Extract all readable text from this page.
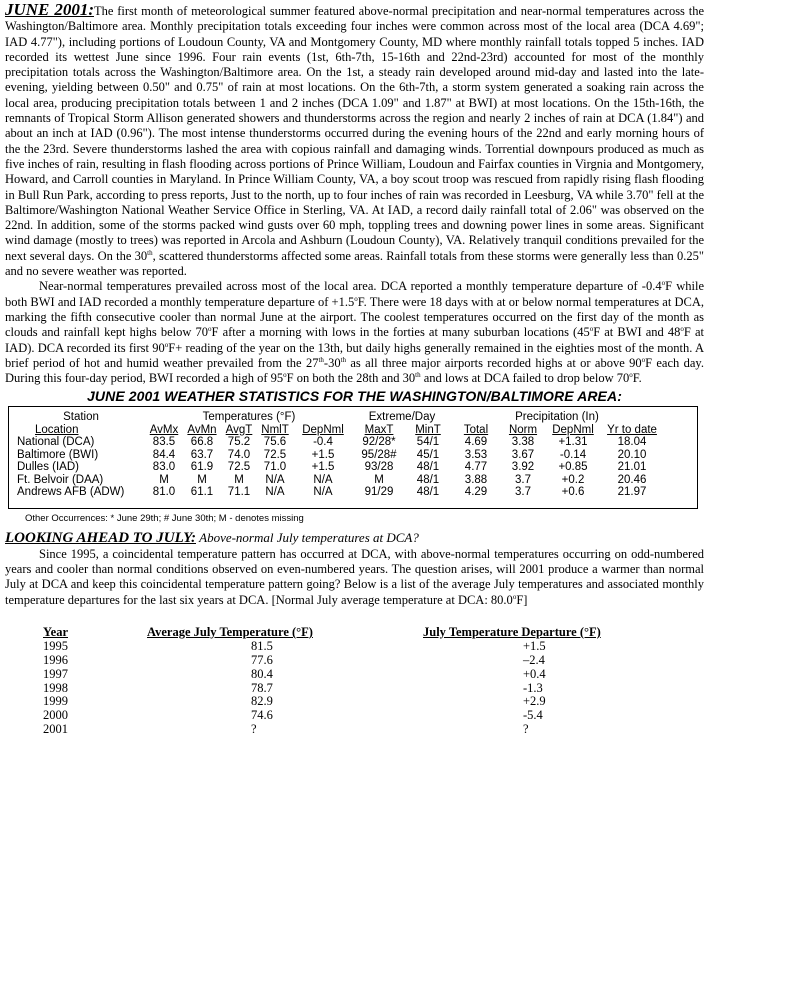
JUNE 2001:The first month of meteorological summer featured above-normal precipitation and near-normal temperatures across the Washington/Baltimore area. Monthly precipitation totals exceeding four inches were common across most of the local area (DCA 4.69"; IAD 4.77"), including portions of Loudoun County, VA and Montgomery County, MD where monthly rainfall totals topped 5 inches. IAD recorded its wettest June since 1996. Four rain events (1st, 6th-7th, 15-16th and 22nd-23rd) accounted for most of the monthly precipitation totals across the Washington/Baltimore area. On the 1st, a steady rain developed around mid-day and lasted into the late-evening, yielding between 0.50" and 0.75" of rain at most locations. On the 6th-7th, a storm system generated a soaking rain across the local area, producing precipitation totals between 1 and 2 inches (DCA 1.09" and 1.87" at BWI) at most locations. On the 15th-16th, the remnants of Tropical Storm Allison generated showers and thunderstorms across the region and nearly 2 inches of rain at DCA (1.84") and about an inch at IAD (0.96"). The most intense thunderstorms occurred during the evening hours of the 22nd and early morning hours of the the 23rd. Severe thunderstorms lashed the area with copious rainfall and damaging winds. Torrential downpours produced as much as five inches of rain, resulting in flash flooding across portions of Prince William, Loudoun and Fairfax counties in Virgnia and Montgomery, Howard, and Carroll counties in Maryland. In Prince William County, VA, a boy scout troop was rescued from rapidly rising flash flooding in Bull Run Park, according to press reports, Just to the north, up to four inches of rain was recorded in Leesburg, VA while 3.70" fell at the Baltimore/Washington National Weather Service Office in Sterling, VA. At IAD, a record daily rainfall total of 2.06" was observed on the 22nd. In addition, some of the storms packed wind gusts over 60 mph, toppling trees and downing power lines in some areas. Significant wind damage (mostly to trees) was reported in Arcola and Ashburn (Loudoun County), VA. Relatively tranquil conditions prevailed for the next several days. On the 30th, scattered thunderstorms affected some areas. Rainfall totals from these storms were generally less than 0.25" and no severe weather was reported.

Near-normal temperatures prevailed across most of the local area. DCA reported a monthly temperature departure of -0.4$^o$F while both BWI and IAD recorded a monthly temperature departure of $+1.5^oF$. There were 18 days with at or below normal temperatures at DCA, marking the fifth consecutive cooler than normal June at the airport. The coolest temperatures occurred on the first day of the month as clouds and rainfall kept highs below 70$^o$F after a morning with lows in the forties at many suburban locations (45$^o$F at BWI and 48$^o$F at IAD). DCA recorded its first $90^oF+$ reading of the year on the 13th, but daily highs generally remained in the eighties most of the month. A brief period of hot and humid weather prevailed from the 27th-30th as all three major airports recorded highs at or above 90$^o$F each day. During this four-day period, BWI recorded a high of 95$^o$F on both the 28th and 30th and lows at DCA failed to drop below 70$^o$F.

JUNE 2001 WEATHER STATISTICS FOR THE WASHINGTON/BALTIMORE AREA:
Station	Temperatures (°F)					Extreme/Day		Precipitation (In)			
Location	AvMx	AvMn	AvgT	NmlT	DepNml	MaxT	MinT	Total	Norm	DepNml	Yr to date
National (DCA)	83.5	66.8	75.2	75.6	-0.4	92/28*	54/1	4.69	3.38	+1.31	18.04
Baltimore (BWI)	84.4	63.7	74.0	72.5	+1.5	95/28#	45/1	3.53	3.67	-0.14	20.10
Dulles (IAD)	83.0	61.9	72.5	71.0	+1.5	93/28	48/1	4.77	3.92	+0.85	21.01
Ft. Belvoir (DAA)	M	M	M	N/A	N/A	M	48/1	3.88	3.7	+0.2	20.46
Andrews AFB (ADW)	81.0	61.1	71.1	N/A	N/A	91/29	48/1	4.29	3.7	+0.6	21.97
Other Occurrences: * June 29th; # June 30th; M - denotes missing

LOOKING AHEAD TO JULY: Above-normal July temperatures at DCA?

Since 1995, a coincidental temperature pattern has occurred at DCA, with above-normal temperatures occurring on odd-numbered years and cooler than normal conditions observed on even-numbered years. The question arises, will 2001 produce a warmer than normal July at DCA and keep this coincidental temperature pattern going? Below is a list of the average July temperatures and associated monthly temperature departures for the last six years at DCA. [Normal July average temperature at DCA: 80.0$^o$F]

Year	Average July Temperature (°F)	July Temperature Departure (°F)
1995	81.5	+1.5
1996	77.6	–2.4
1997	80.4	+0.4
1998	78.7	-1.3
1999	82.9	+2.9
2000	74.6	-5.4
2001	?	?
